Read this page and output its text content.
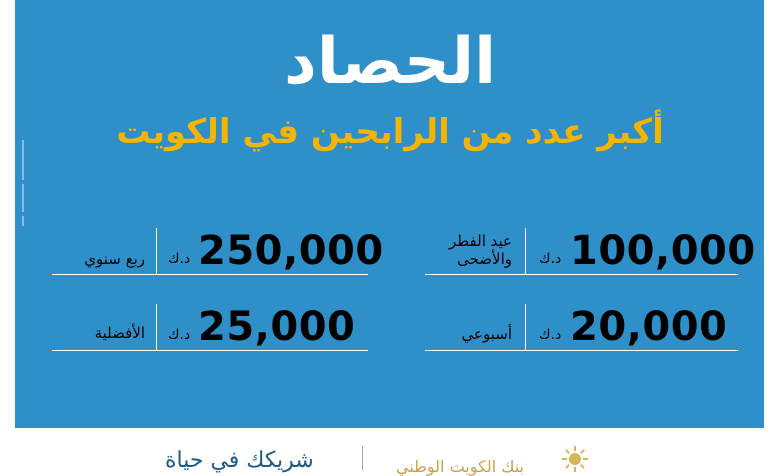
الحصاد
أكبر عدد من الرابحين في الكويت
100,000
د.ك
عيد الفطر والأضحى
250,000
د.ك
ربع سنوي
20,000
د.ك
أسبوعي
25,000
د.ك
الأفضلية
شريكك في حياة	بنك الكويت الوطني
